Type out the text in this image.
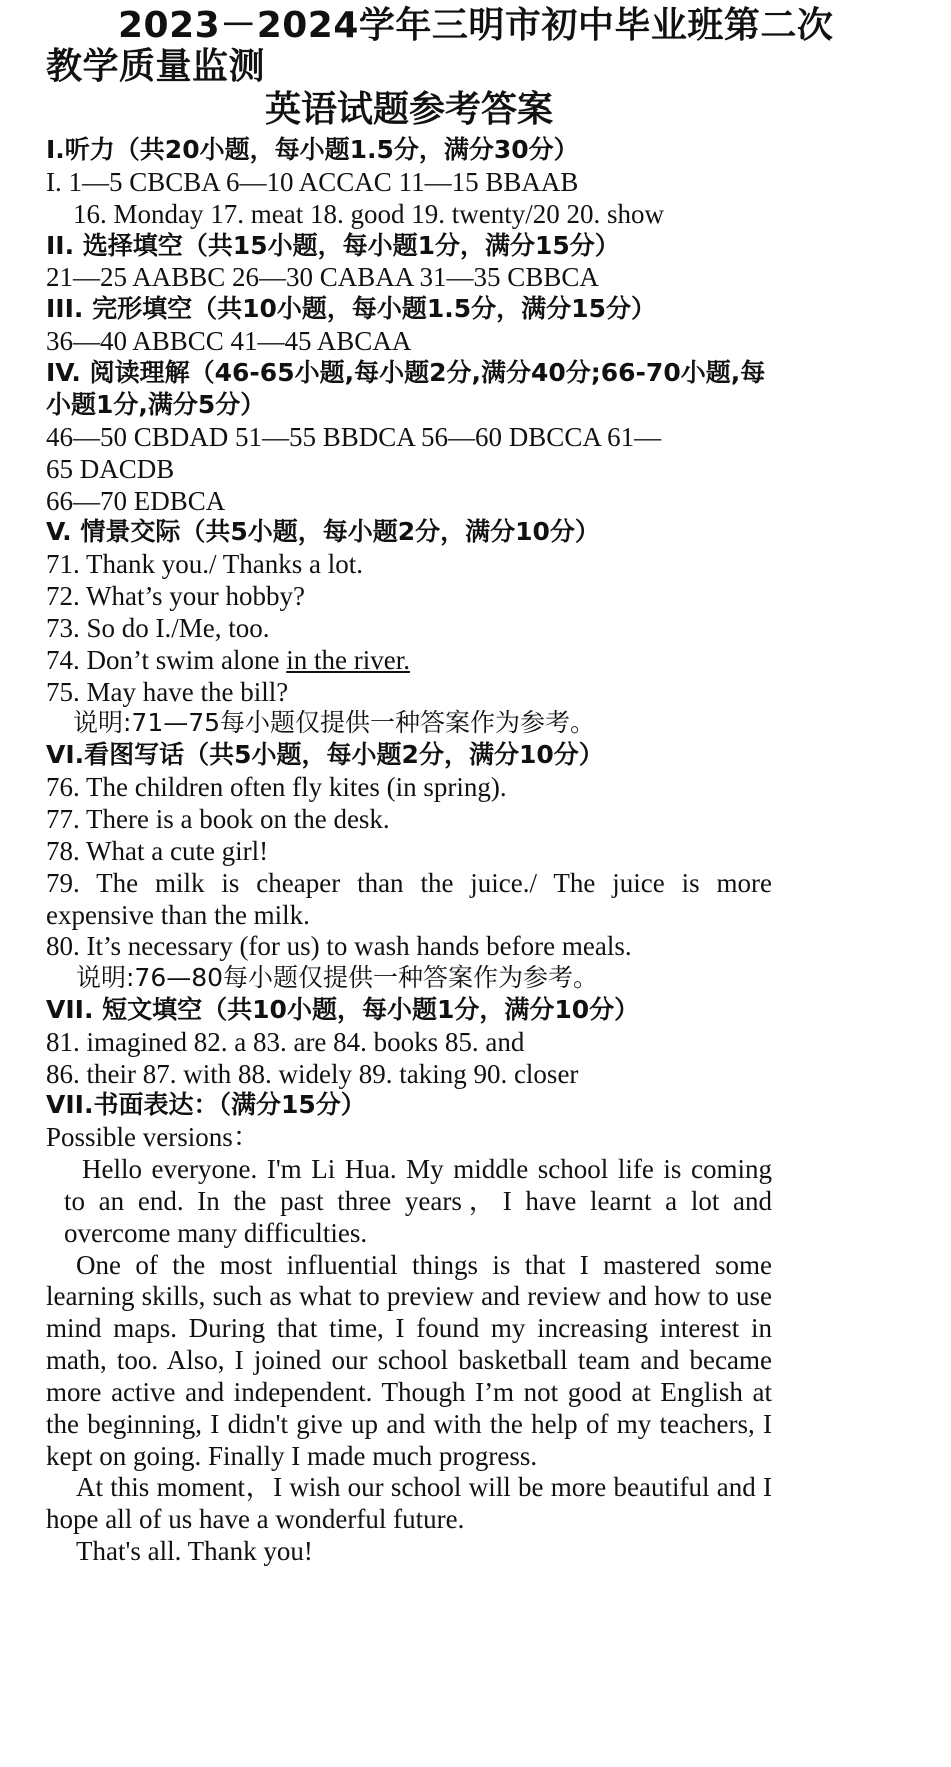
2023－2024学年三明市初中毕业班第二次
教学质量监测
英语试题参考答案
I.听力（共20小题，每小题1.5分，满分30分）
I. 1—5 CBCBA 6—10 ACCAC 11—15 BBAAB
16. Monday 17. meat 18. good 19. twenty/20 20. show
II. 选择填空（共15小题，每小题1分，满分15分）
21—25 AABBC 26—30 CABAA 31—35 CBBCA
III. 完形填空（共10小题，每小题1.5分，满分15分）
36—40 ABBCC 41—45 ABCAA
IV. 阅读理解（46-65小题,每小题2分,满分40分;66-70小题,每
小题1分,满分5分）
46—50 CBDAD 51—55 BBDCA 56—60 DBCCA 61—
65 DACDB
66—70 EDBCA
V. 情景交际（共5小题，每小题2分，满分10分）
71. Thank you./ Thanks a lot.
72. What’s your hobby?
73. So do I./Me, too.
74. Don’t swim alone in the river.
75. May have the bill?
说明:71—75每小题仅提供一种答案作为参考。
VI.看图写话（共5小题，每小题2分，满分10分）
76. The children often fly kites (in spring).
77. There is a book on the desk.
78. What a cute girl!
79. The milk is cheaper than the juice./ The juice is more
expensive than the milk.
80. It’s necessary (for us) to wash hands before meals.
说明:76—80每小题仅提供一种答案作为参考。
VII. 短文填空（共10小题，每小题1分，满分10分）
81. imagined 82. a 83. are 84. books 85. and
86. their 87. with 88. widely 89. taking 90. closer
VII.书面表达：（满分15分）
Possible versions：
Hello everyone. I'm Li Hua. My middle school life is coming
to an end. In the past three years，I have learnt a lot and
overcome many difficulties.
One of the most influential things is that I mastered some
learning skills, such as what to preview and review and how to use
mind maps. During that time, I found my increasing interest in
math, too. Also, I joined our school basketball team and became
more active and independent. Though I’m not good at English at
the beginning, I didn't give up and with the help of my teachers, I
kept on going. Finally I made much progress.
At this moment，I wish our school will be more beautiful and I
hope all of us have a wonderful future.
That's all. Thank you!
